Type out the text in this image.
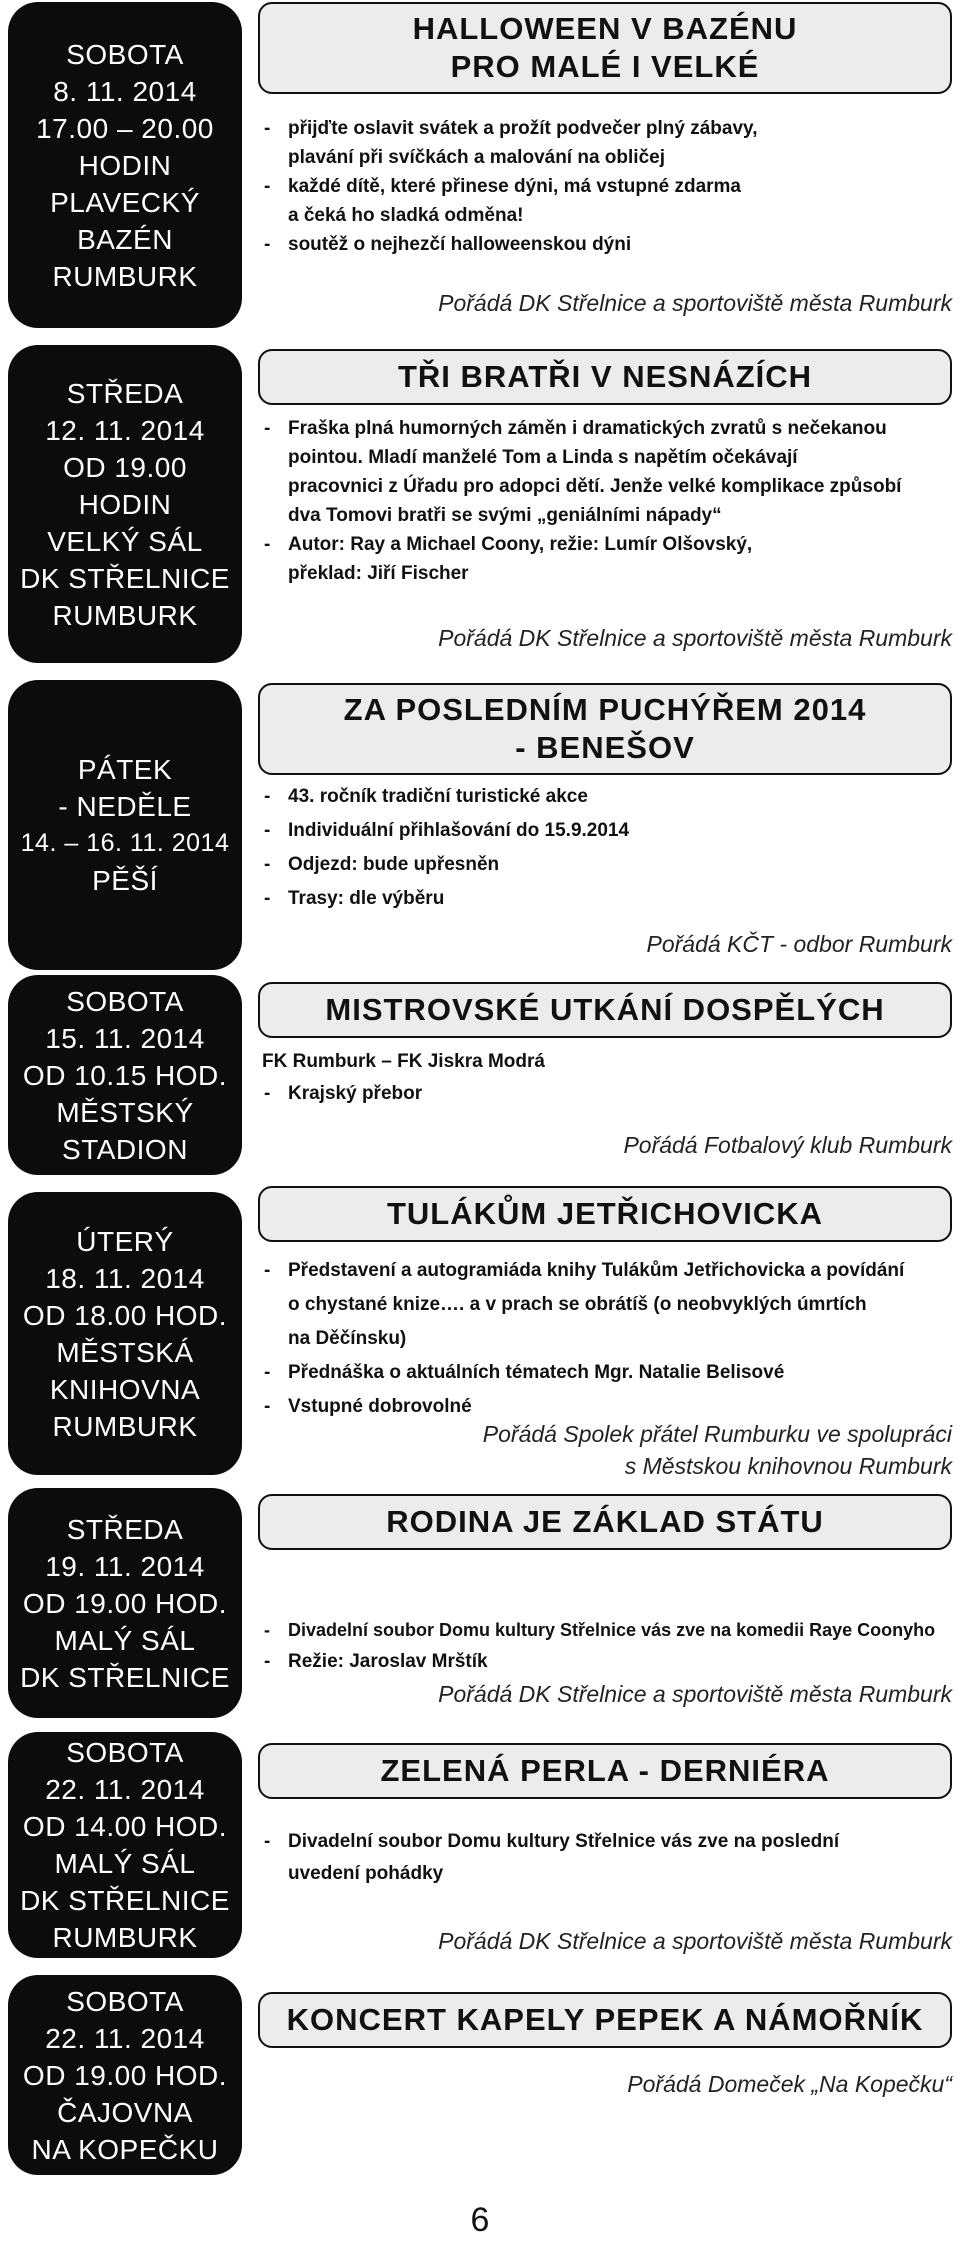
SOBOTA
8. 11. 2014
17.00 – 20.00
HODIN
PLAVECKÝ
BAZÉN
RUMBURK
HALLOWEEN V BAZÉNU
PRO MALÉ I VELKÉ
- přijďte oslavit svátek a prožít podvečer plný zábavy,
plavání při svíčkách a malování na obličej
- každé dítě, které přinese dýni, má vstupné zdarma
a čeká ho sladká odměna!
- soutěž o nejhezčí halloweenskou dýni
Pořádá DK Střelnice a sportoviště města Rumburk
STŘEDA
12. 11. 2014
OD 19.00
HODIN
VELKÝ SÁL
DK STŘELNICE
RUMBURK
TŘI BRATŘI V NESNÁZÍCH
- Fraška plná humorných záměn i dramatických zvratů s nečekanou
pointou. Mladí manželé Tom a Linda s napětím očekávají
pracovnici z Úřadu pro adopci dětí. Jenže velké komplikace způsobí
dva Tomovi bratři se svými „geniálními nápady“
- Autor: Ray a Michael Coony, režie: Lumír Olšovský,
překlad: Jiří Fischer
Pořádá DK Střelnice a sportoviště města Rumburk
PÁTEK
- NEDĚLE
14. – 16. 11. 2014
PĚŠÍ
ZA POSLEDNÍM PUCHÝŘEM 2014
- BENEŠOV
- 43. ročník tradiční turistické akce
- Individuální přihlašování do 15.9.2014
- Odjezd: bude upřesněn
- Trasy: dle výběru
Pořádá KČT - odbor Rumburk
SOBOTA
15. 11. 2014
OD 10.15 HOD.
MĚSTSKÝ
STADION
MISTROVSKÉ UTKÁNÍ DOSPĚLÝCH
FK Rumburk – FK Jiskra Modrá
- Krajský přebor
Pořádá Fotbalový klub Rumburk
ÚTERÝ
18. 11. 2014
OD 18.00 HOD.
MĚSTSKÁ
KNIHOVNA
RUMBURK
TULÁKŮM JETŘICHOVICKA
- Představení a autogramiáda knihy Tulákům Jetřichovicka a povídání
o chystané knize…. a v prach se obrátíš (o neobvyklých úmrtích
na Děčínsku)
- Přednáška o aktuálních tématech Mgr. Natalie Belisové
- Vstupné dobrovolné
Pořádá Spolek přátel Rumburku ve spolupráci
s Městskou knihovnou Rumburk
STŘEDA
19. 11. 2014
OD 19.00 HOD.
MALÝ SÁL
DK STŘELNICE
RODINA JE ZÁKLAD STÁTU
- Divadelní soubor Domu kultury Střelnice vás zve na komedii Raye Coonyho
- Režie: Jaroslav Mrštík
Pořádá DK Střelnice a sportoviště města Rumburk
SOBOTA
22. 11. 2014
OD 14.00 HOD.
MALÝ SÁL
DK STŘELNICE
RUMBURK
ZELENÁ PERLA - DERNIÉRA
- Divadelní soubor Domu kultury Střelnice vás zve na poslední
uvedení pohádky
Pořádá DK Střelnice a sportoviště města Rumburk
SOBOTA
22. 11. 2014
OD 19.00 HOD.
ČAJOVNA
NA KOPEČKU
KONCERT KAPELY PEPEK A NÁMOŘNÍK
Pořádá Domeček „Na Kopečku“
6
